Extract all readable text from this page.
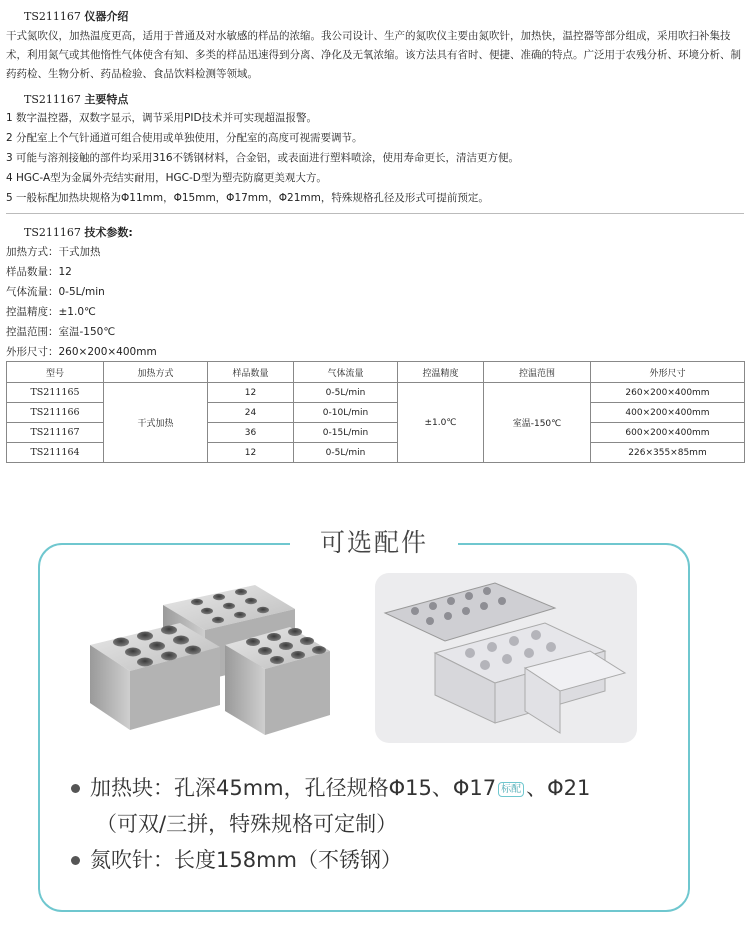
TS211167 仪器介绍
干式氮吹仪，加热温度更高，适用于普通及对水敏感的样品的浓缩。我公司设计、生产的氮吹仪主要由氮吹针，加热快，温控器等部分组成，采用吹扫补集技术，利用氮气或其他惰性气体使含有知、多类的样品迅速得到分离、净化及无氧浓缩。该方法具有省时、便捷、准确的特点。广泛用于农残分析、环境分析、制药药检、生物分析、药品检验、食品饮料检测等领域。
TS211167 主要特点
1 数字温控器，双数字显示，调节采用PID技术并可实现超温报警。
2 分配室上个气针通道可组合使用或单独使用，分配室的高度可视需要调节。
3 可能与溶剂接触的部件均采用316不锈钢材料，合金铝，或表面进行塑料喷涂，使用寿命更长，清洁更方便。
4 HGC-A型为金属外壳结实耐用，HGC-D型为塑壳防腐更美观大方。
5 一般标配加热块规格为Φ11mm，Φ15mm，Φ17mm，Φ21mm，特殊规格孔径及形式可提前预定。
TS211167 技术参数:
加热方式：干式加热
样品数量：12
气体流量：0-5L/min
控温精度：±1.0℃
控温范围：室温-150℃
外形尺寸：260×200×400mm
型号	加热方式	样品数量	气体流量	控温精度	控温范围	外形尺寸
TS211165	干式加热	12	0-5L/min	±1.0℃	室温-150℃	260×200×400mm
TS211166		24	0-10L/min			400×200×400mm
TS211167		36	0-15L/min			600×200×400mm
TS211164		12	0-5L/min			226×355×85mm
可选配件
加热块：孔深45mm，孔径规格Φ15、Φ17 标配 、Φ21
（可双/三拼，特殊规格可定制）
氮吹针：长度158mm（不锈钢）
